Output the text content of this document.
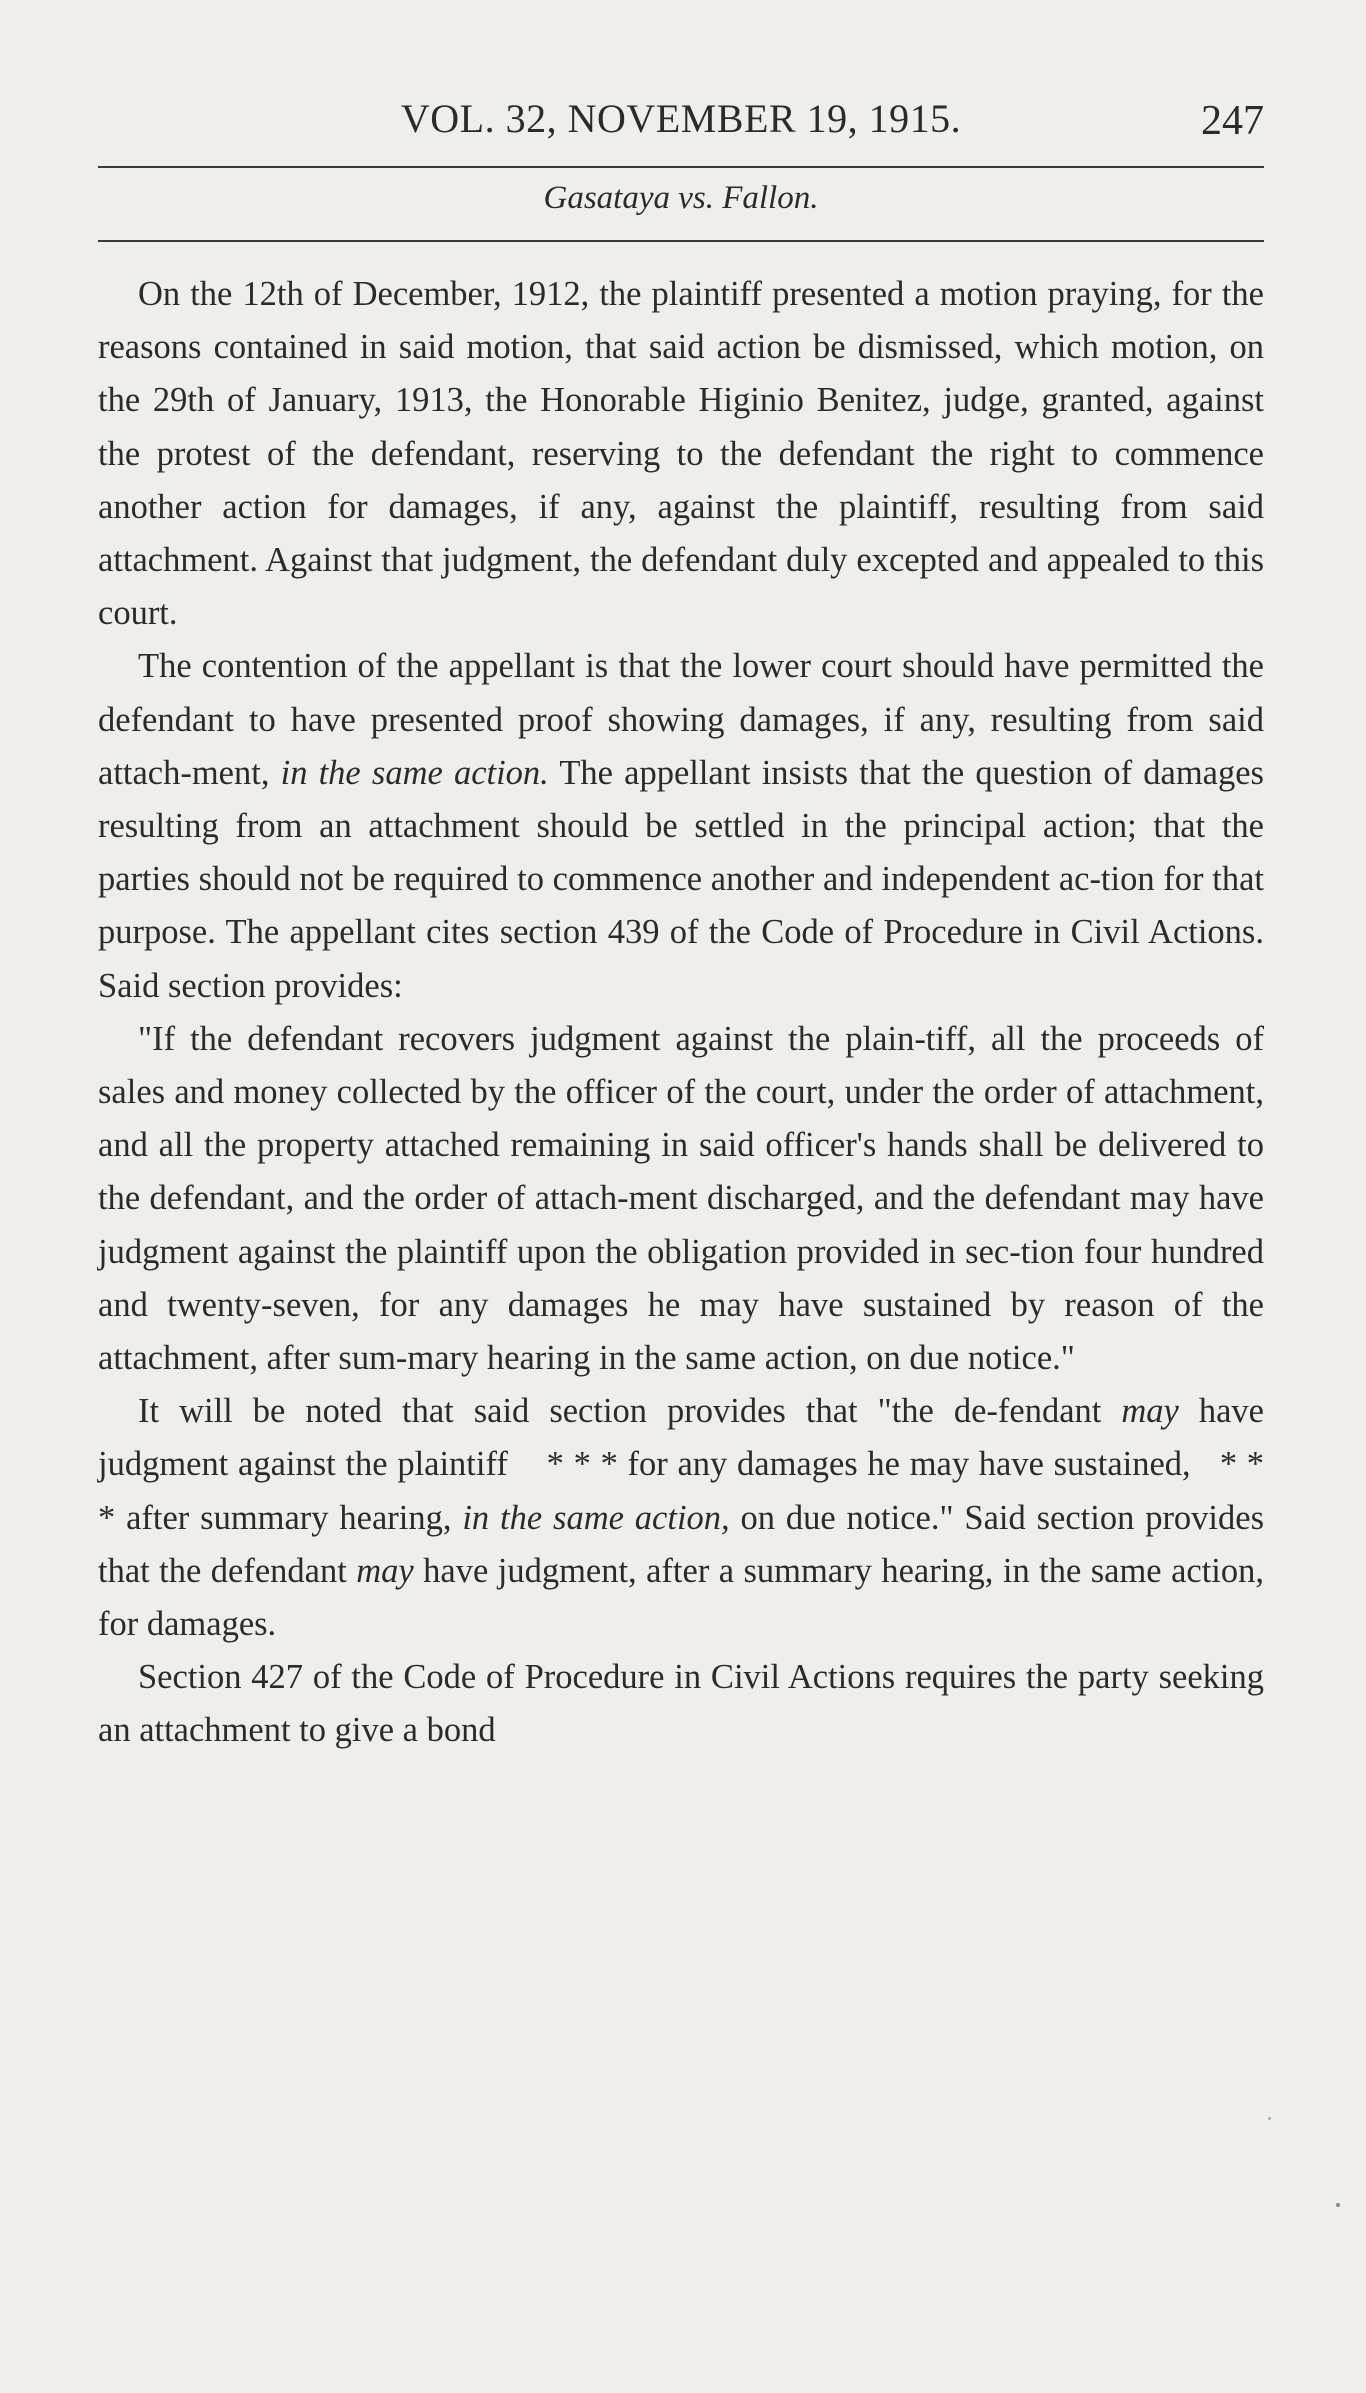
VOL. 32, NOVEMBER 19, 1915.	247
Gasataya vs. Fallon.

On the 12th of December, 1912, the plaintiff presented a motion praying, for the reasons contained in said motion, that said action be dismissed, which motion, on the 29th of January, 1913, the Honorable Higinio Benitez, judge, granted, against the protest of the defendant, reserving to the defendant the right to commence another action for damages, if any, against the plaintiff, resulting from said attachment. Against that judgment, the defendant duly excepted and appealed to this court.

The contention of the appellant is that the lower court should have permitted the defendant to have presented proof showing damages, if any, resulting from said attach-ment, in the same action. The appellant insists that the question of damages resulting from an attachment should be settled in the principal action; that the parties should not be required to commence another and independent ac-tion for that purpose. The appellant cites section 439 of the Code of Procedure in Civil Actions. Said section provides:

"If the defendant recovers judgment against the plain-tiff, all the proceeds of sales and money collected by the officer of the court, under the order of attachment, and all the property attached remaining in said officer's hands shall be delivered to the defendant, and the order of attach-ment discharged, and the defendant may have judgment against the plaintiff upon the obligation provided in sec-tion four hundred and twenty-seven, for any damages he may have sustained by reason of the attachment, after sum-mary hearing in the same action, on due notice."

It will be noted that said section provides that "the de-fendant may have judgment against the plaintiff * * * for any damages he may have sustained, * * * after summary hearing, in the same action, on due notice." Said section provides that the defendant may have judgment, after a summary hearing, in the same action, for damages.

Section 427 of the Code of Procedure in Civil Actions requires the party seeking an attachment to give a bond
